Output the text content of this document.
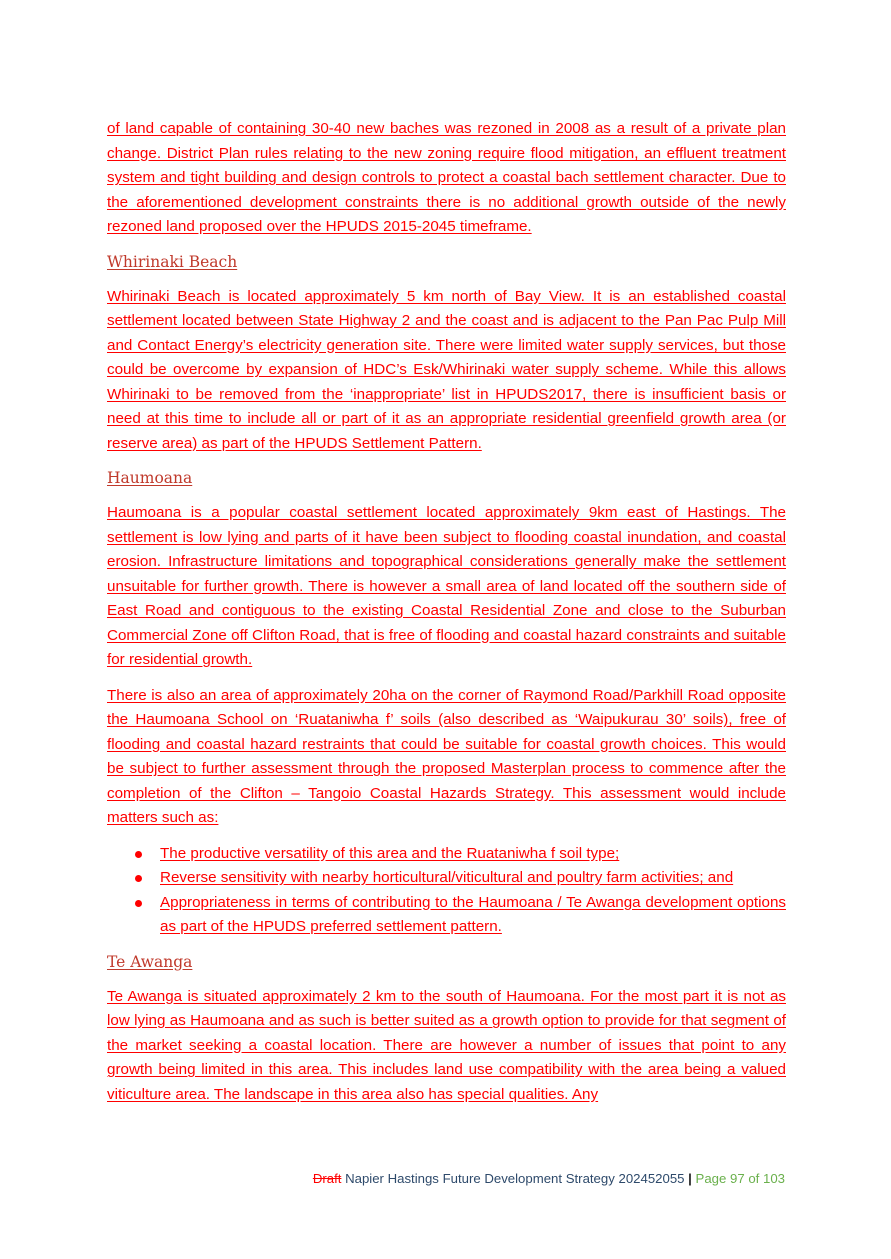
of land capable of containing 30-40 new baches was rezoned in 2008 as a result of a private plan change. District Plan rules relating to the new zoning require flood mitigation, an effluent treatment system and tight building and design controls to protect a coastal bach settlement character. Due to the aforementioned development constraints there is no additional growth outside of the newly rezoned land proposed over the HPUDS 2015-2045 timeframe.

Whirinaki Beach

Whirinaki Beach is located approximately 5 km north of Bay View. It is an established coastal settlement located between State Highway 2 and the coast and is adjacent to the Pan Pac Pulp Mill and Contact Energy’s electricity generation site. There were limited water supply services, but those could be overcome by expansion of HDC’s Esk/Whirinaki water supply scheme. While this allows Whirinaki to be removed from the ‘inappropriate’ list in HPUDS2017, there is insufficient basis or need at this time to include all or part of it as an appropriate residential greenfield growth area (or reserve area) as part of the HPUDS Settlement Pattern.

Haumoana

Haumoana is a popular coastal settlement located approximately 9km east of Hastings. The settlement is low lying and parts of it have been subject to flooding coastal inundation, and coastal erosion. Infrastructure limitations and topographical considerations generally make the settlement unsuitable for further growth. There is however a small area of land located off the southern side of East Road and contiguous to the existing Coastal Residential Zone and close to the Suburban Commercial Zone off Clifton Road, that is free of flooding and coastal hazard constraints and suitable for residential growth.

There is also an area of approximately 20ha on the corner of Raymond Road/Parkhill Road opposite the Haumoana School on ‘Ruataniwha f’ soils (also described as ‘Waipukurau 30’ soils), free of flooding and coastal hazard restraints that could be suitable for coastal growth choices. This would be subject to further assessment through the proposed Masterplan process to commence after the completion of the Clifton – Tangoio Coastal Hazards Strategy. This assessment would include matters such as:

The productive versatility of this area and the Ruataniwha f soil type;
Reverse sensitivity with nearby horticultural/viticultural and poultry farm activities; and
Appropriateness in terms of contributing to the Haumoana / Te Awanga development options as part of the HPUDS preferred settlement pattern.
Te Awanga

Te Awanga is situated approximately 2 km to the south of Haumoana. For the most part it is not as low lying as Haumoana and as such is better suited as a growth option to provide for that segment of the market seeking a coastal location. There are however a number of issues that point to any growth being limited in this area. This includes land use compatibility with the area being a valued viticulture area. The landscape in this area also has special qualities. Any

Draft Napier Hastings Future Development Strategy 202452055 | Page 97 of 103
